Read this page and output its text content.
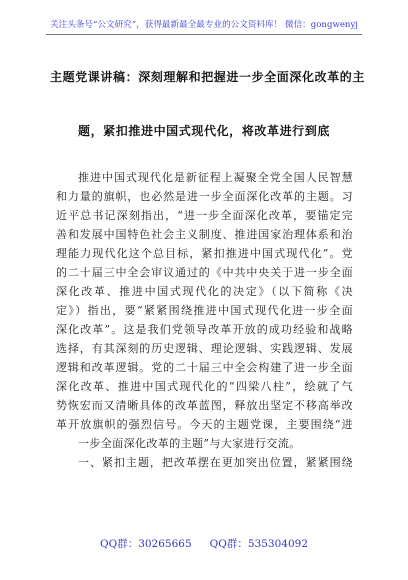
关注头条号“公文研究”，获得最新最全最专业的公文资料库！ 微信：gongwenyj
主题党课讲稿：深刻理解和把握进一步全面深化改革的主
题，紧扣推进中国式现代化，将改革进行到底
推进中国式现代化是新征程上凝聚全党全国人民智慧
和力量的旗帜，也必然是进一步全面深化改革的主题。习
近平总书记深刻指出，“进一步全面深化改革，要锚定完
善和发展中国特色社会主义制度、推进国家治理体系和治
理能力现代化这个总目标，紧扣推进中国式现代化”。党
的二十届三中全会审议通过的《中共中央关于进一步全面
深化改革、推进中国式现代化的决定》（以下简称《决
定》）指出，要“紧紧围绕推进中国式现代化进一步全面
深化改革”。这是我们党领导改革开放的成功经验和战略
选择，有其深刻的历史逻辑、理论逻辑、实践逻辑、发展
逻辑和改革逻辑。党的二十届三中全会构建了进一步全面
深化改革、推进中国式现代化的“四梁八柱”，绘就了气
势恢宏而又清晰具体的改革蓝图，释放出坚定不移高举改
革开放旗帜的强烈信号。今天的主题党课，主要围绕“进
一步全面深化改革的主题”与大家进行交流。
一、紧扣主题，把改革摆在更加突出位置，紧紧围绕
QQ群：30265665 QQ群：535304092
